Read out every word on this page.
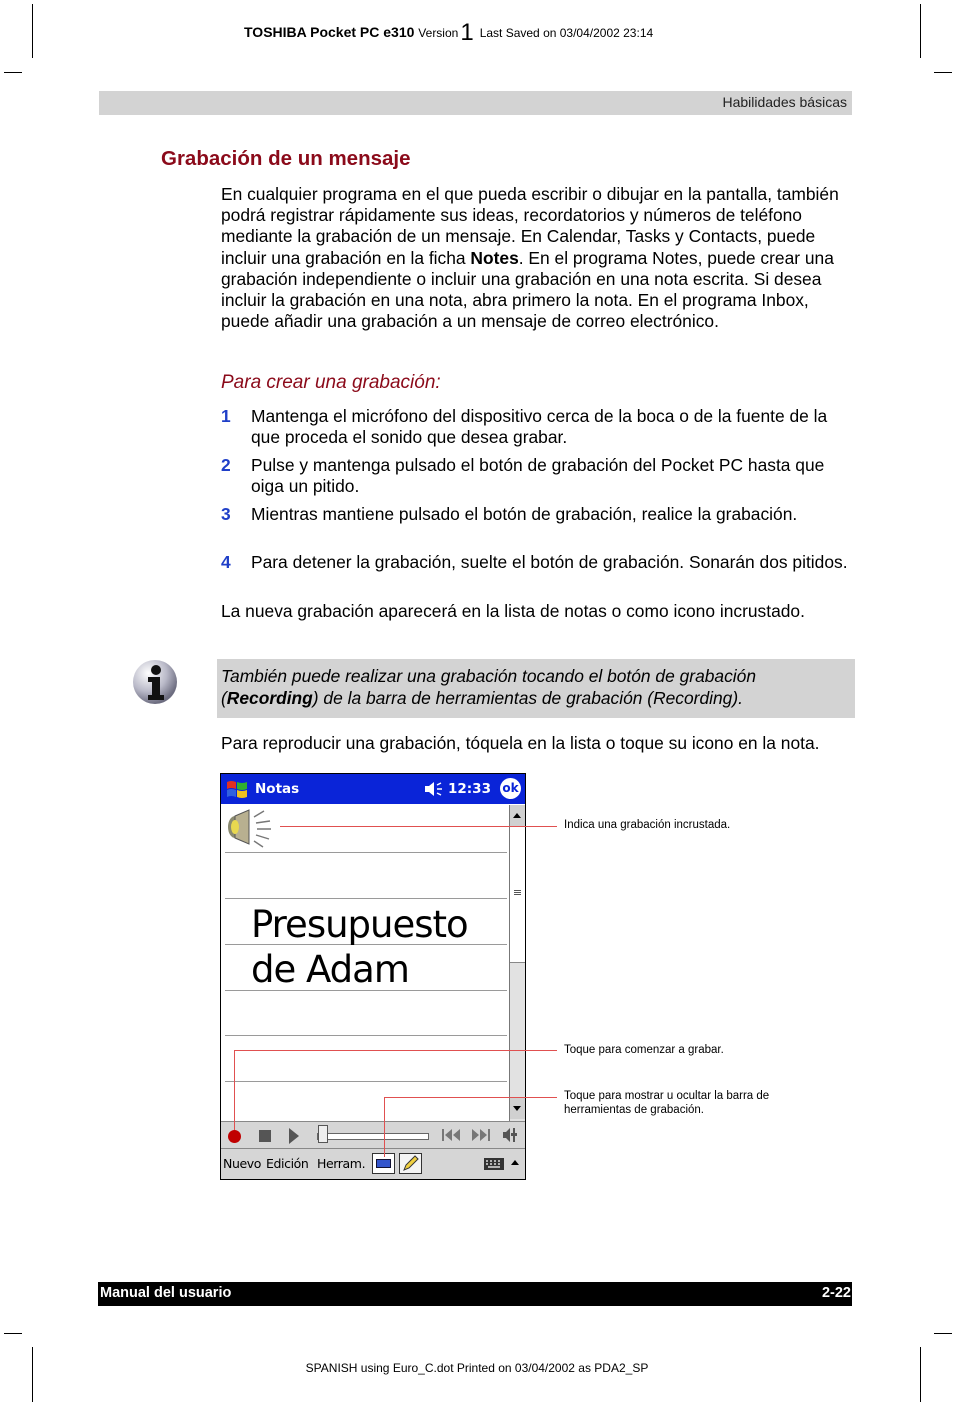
TOSHIBA Pocket PC e310 Version1 Last Saved on 03/04/2002 23:14
Habilidades básicas
Grabación de un mensaje

En cualquier programa en el que pueda escribir o dibujar en la pantalla, también podrá registrar rápidamente sus ideas, recordatorios y números de teléfono mediante la grabación de un mensaje. En Calendar, Tasks y Contacts, puede incluir una grabación en la ficha Notes. En el programa Notes, puede crear una grabación independiente o incluir una grabación en una nota escrita. Si desea incluir la grabación en una nota, abra primero la nota. En el programa Inbox, puede añadir una grabación a un mensaje de correo electrónico.

Para crear una grabación:
1 Mantenga el micrófono del dispositivo cerca de la boca o de la fuente de la que proceda el sonido que desea grabar.
2 Pulse y mantenga pulsado el botón de grabación del Pocket PC hasta que oiga un pitido.
3 Mientras mantiene pulsado el botón de grabación, realice la grabación.
4 Para detener la grabación, suelte el botón de grabación. Sonarán dos pitidos.

La nueva grabación aparecerá en la lista de notas o como icono incrustado.

También puede realizar una grabación tocando el botón de grabación (Recording) de la barra de herramientas de grabación (Recording).

Para reproducir una grabación, tóquela en la lista o toque su icono en la nota.

Notas	12:33 ok
Presupuesto
de Adam
Nuevo Edición Herram.
Indica una grabación incrustada.
Toque para comenzar a grabar.
Toque para mostrar u ocultar la barra de herramientas de grabación.
Manual del usuario	2-22
SPANISH using Euro_C.dot Printed on 03/04/2002 as PDA2_SP
